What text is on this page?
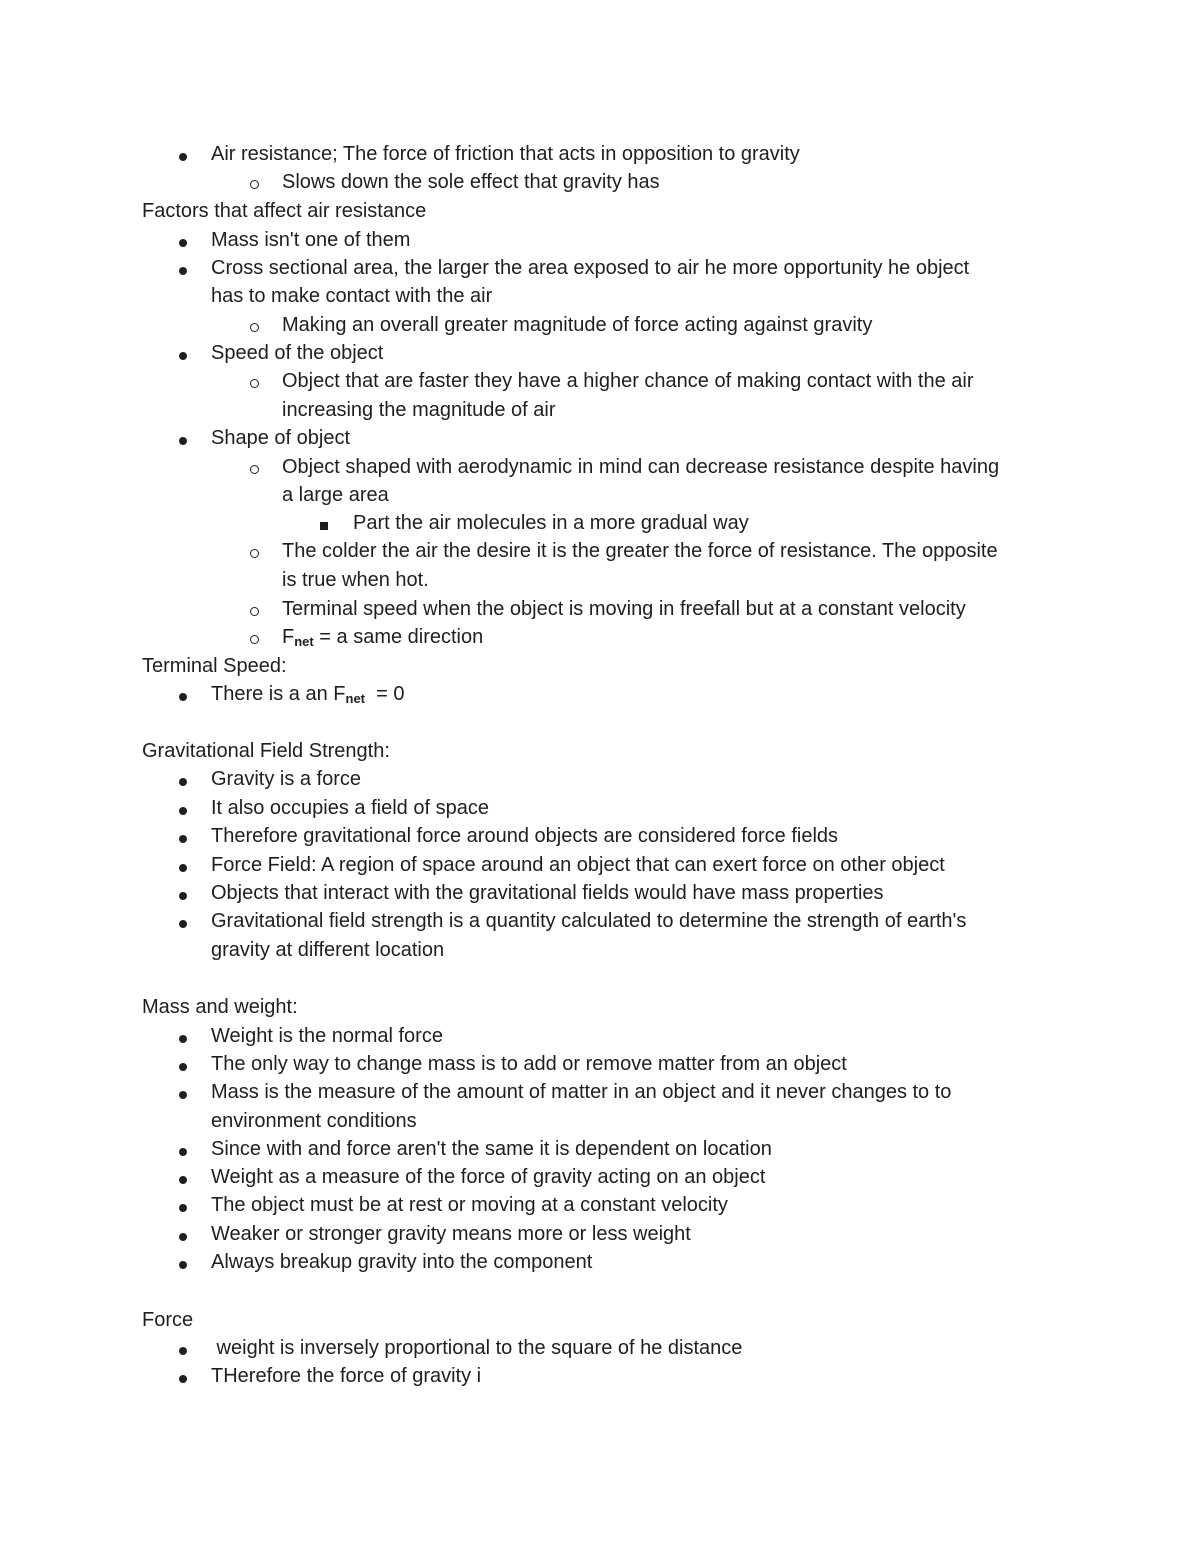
Air resistance; The force of friction that acts in opposition to gravity
Slows down the sole effect that gravity has
Factors that affect air resistance
Mass isn't one of them
Cross sectional area, the larger the area exposed to air he more opportunity he object
has to make contact with the air
Making an overall greater magnitude of force acting against gravity
Speed of the object
Object that are faster they have a higher chance of making contact with the air
increasing the magnitude of air
Shape of object
Object shaped with aerodynamic in mind can decrease resistance despite having
a large area
Part the air molecules in a more gradual way
The colder the air the desire it is the greater the force of resistance. The opposite
is true when hot.
Terminal speed when the object is moving in freefall but at a constant velocity
$F_{net} = a$ same direction
Terminal Speed:
There is a an $F_{net} = 0$
Gravitational Field Strength:
Gravity is a force
It also occupies a field of space
Therefore gravitational force around objects are considered force fields
Force Field: A region of space around an object that can exert force on other object
Objects that interact with the gravitational fields would have mass properties
Gravitational field strength is a quantity calculated to determine the strength of earth's
gravity at different location
Mass and weight:
Weight is the normal force
The only way to change mass is to add or remove matter from an object
Mass is the measure of the amount of matter in an object and it never changes to to
environment conditions
Since with and force aren't the same it is dependent on location
Weight as a measure of the force of gravity acting on an object
The object must be at rest or moving at a constant velocity
Weaker or stronger gravity means more or less weight
Always breakup gravity into the component
Force
weight is inversely proportional to the square of he distance
THerefore the force of gravity i
